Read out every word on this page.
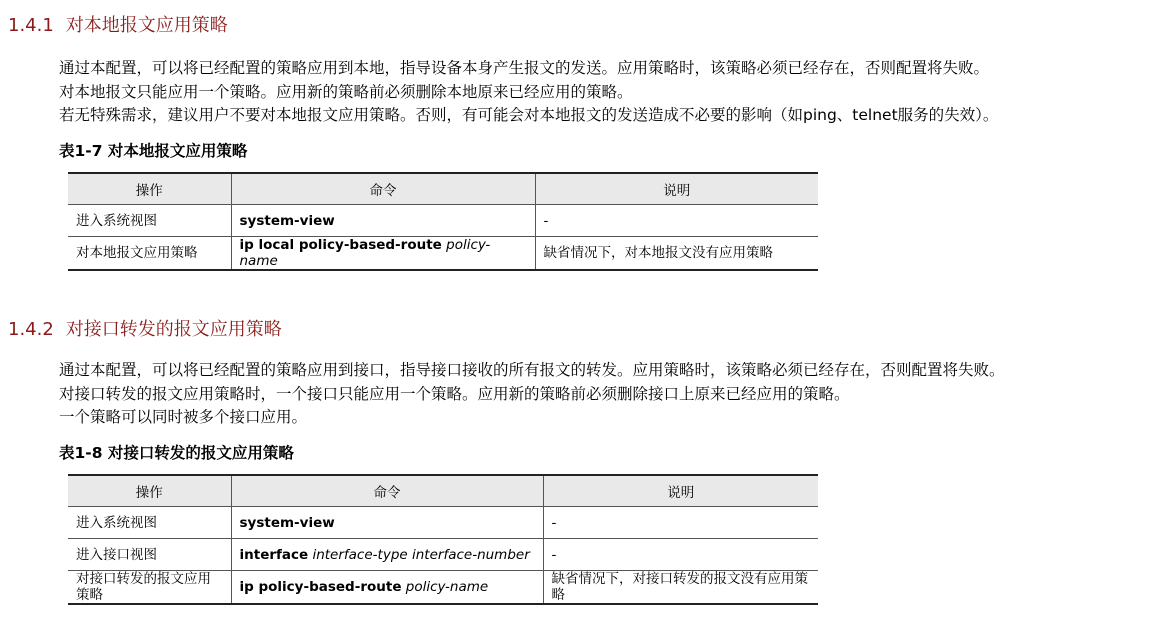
1.4.1 对本地报文应用策略
通过本配置，可以将已经配置的策略应用到本地，指导设备本身产生报文的发送。应用策略时，该策略必须已经存在，否则配置将失败。
对本地报文只能应用一个策略。应用新的策略前必须删除本地原来已经应用的策略。
若无特殊需求，建议用户不要对本地报文应用策略。否则，有可能会对本地报文的发送造成不必要的影响（如ping、telnet服务的失效）。
表1-7 对本地报文应用策略
操作	命令	说明
进入系统视图	system-view	-
对本地报文应用策略	ip local policy-based-route policy-name	缺省情况下，对本地报文没有应用策略
1.4.2 对接口转发的报文应用策略
通过本配置，可以将已经配置的策略应用到接口，指导接口接收的所有报文的转发。应用策略时，该策略必须已经存在，否则配置将失败。
对接口转发的报文应用策略时，一个接口只能应用一个策略。应用新的策略前必须删除接口上原来已经应用的策略。
一个策略可以同时被多个接口应用。
表1-8 对接口转发的报文应用策略
操作	命令	说明
进入系统视图	system-view	-
进入接口视图	interface interface-type interface-number	-
对接口转发的报文应用策略	ip policy-based-route policy-name	缺省情况下，对接口转发的报文没有应用策略
